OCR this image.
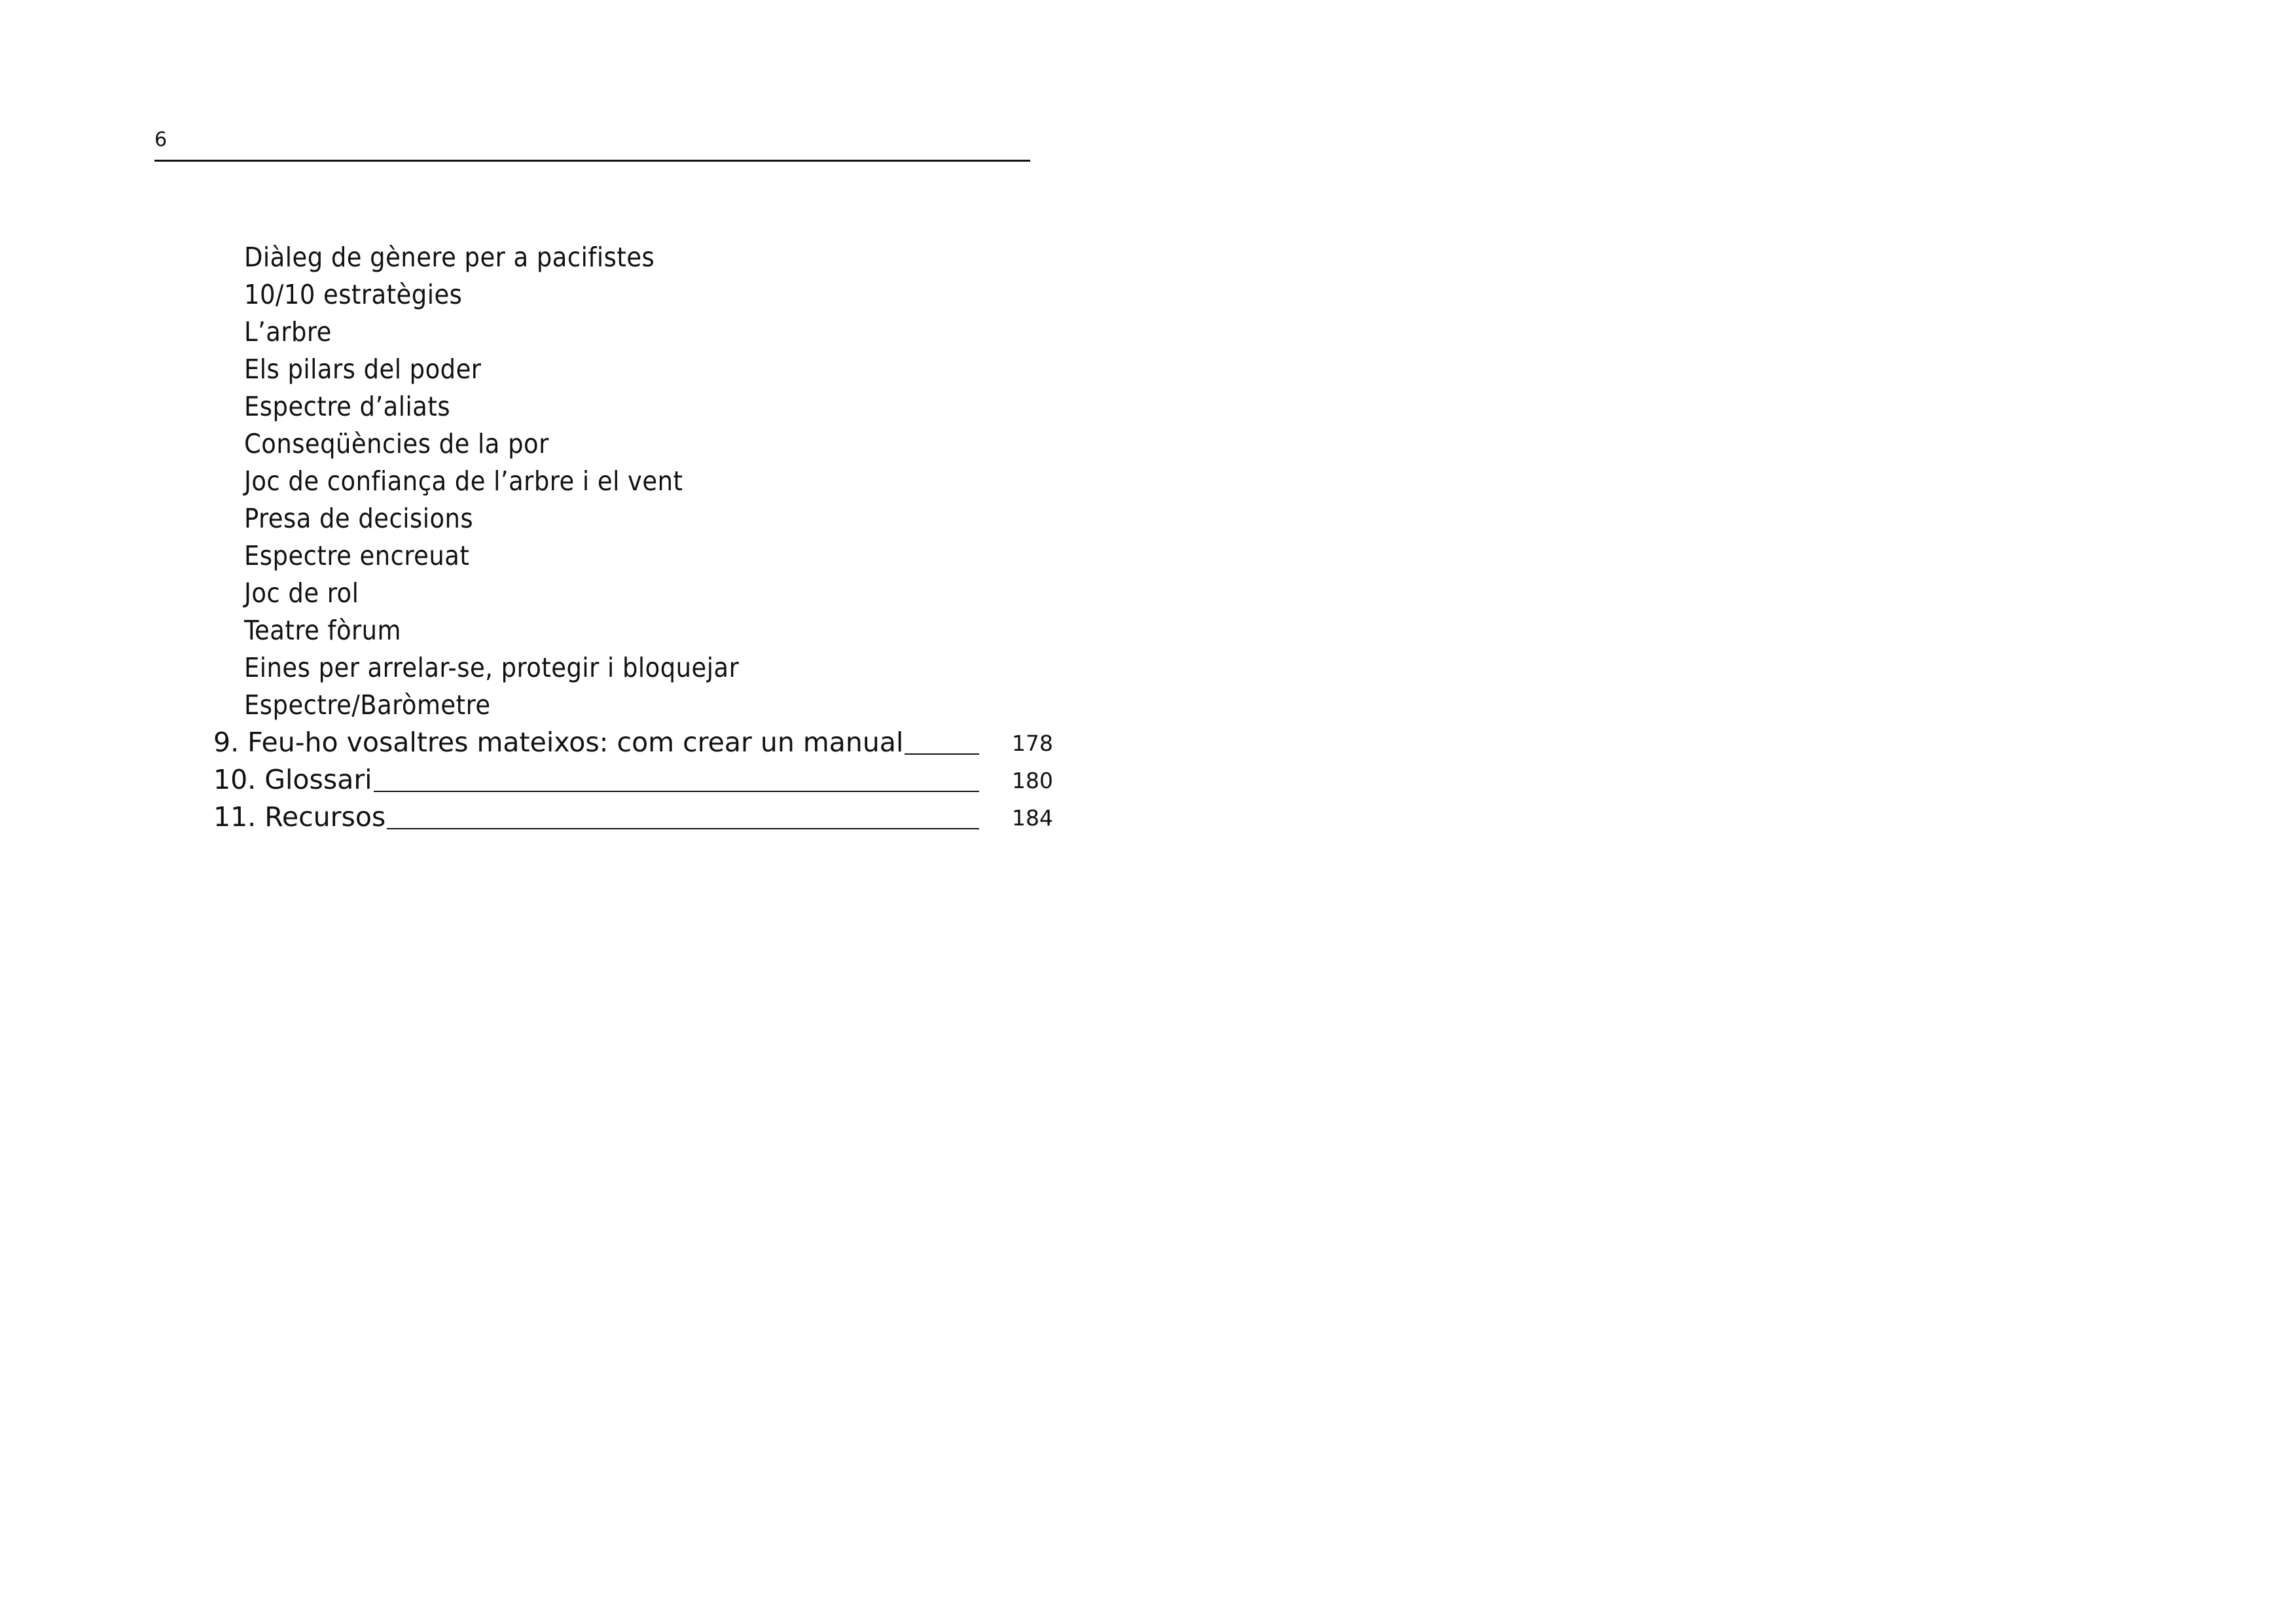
6
Diàleg de gènere per a pacifistes
10/10 estratègies
L’arbre
Els pilars del poder
Espectre d’aliats
Conseqüències de la por
Joc de confiança de l’arbre i el vent
Presa de decisions
Espectre encreuat
Joc de rol
Teatre fòrum
Eines per arrelar-se, protegir i bloquejar
Espectre/Baròmetre
9. Feu-ho vosaltres mateixos: com crear un manual	178
10. Glossari	180
11. Recursos	184
